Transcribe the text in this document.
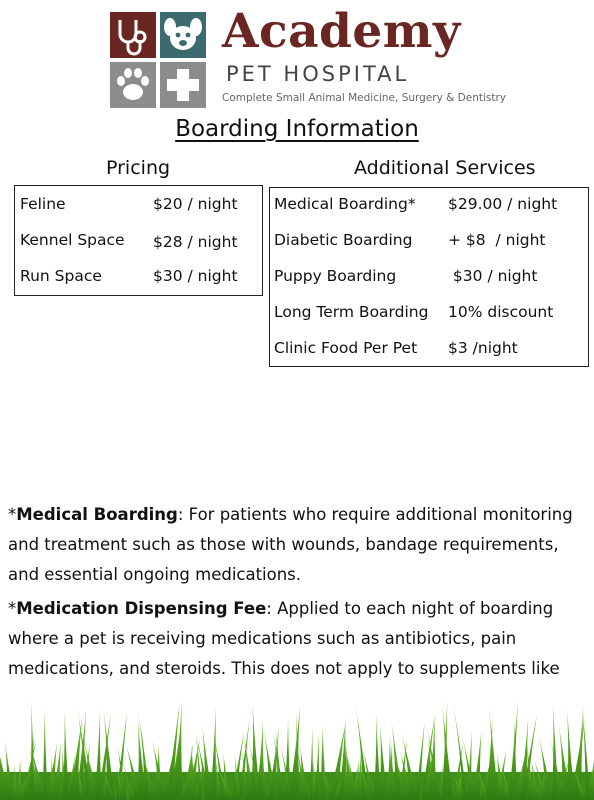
Academy
PET HOSPITAL
Complete Small Animal Medicine, Surgery & Dentistry
Boarding Information
Pricing	Additional Services
Feline	$20 / night
Kennel Space $28 / night
Run Space	$30 / night
Medical Boarding* $29.00 / night
Diabetic Boarding + $8  / night
Puppy Boarding	$30 / night
Long Term Boarding 10% discount
Clinic Food Per Pet $3 /night

*Medical Boarding: For patients who require additional monitoring and treatment such as those with wounds, bandage requirements, and essential ongoing medications.

*Medication Dispensing Fee: Applied to each night of boarding where a pet is receiving medications such as antibiotics, pain medications, and steroids. This does not apply to supplements like
